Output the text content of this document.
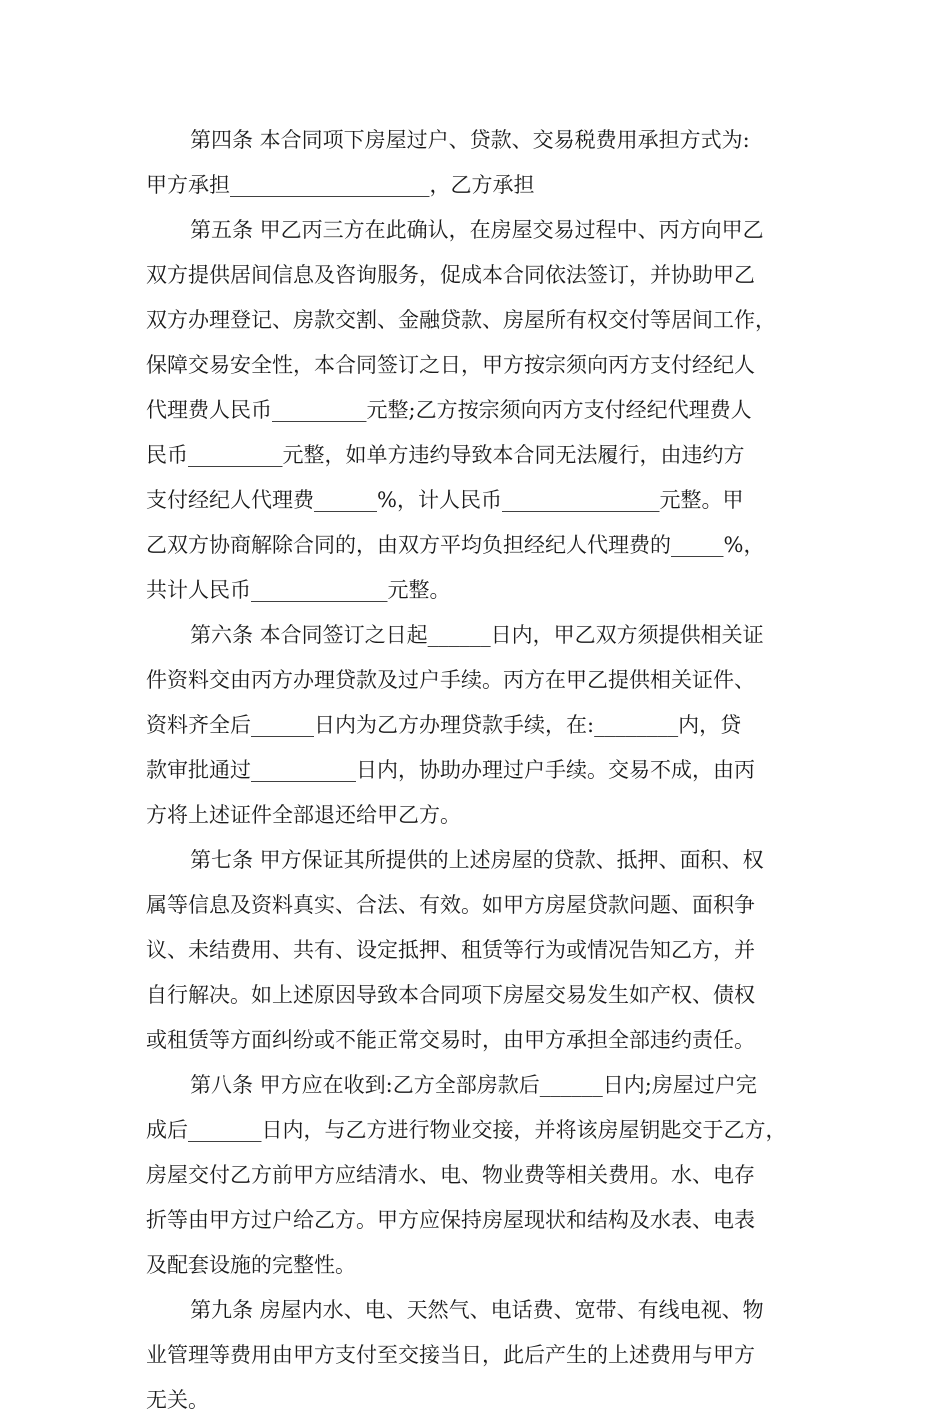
第四条 本合同项下房屋过户、贷款、交易税费用承担方式为:
甲方承担___________________，乙方承担
第五条 甲乙丙三方在此确认，在房屋交易过程中、丙方向甲乙
双方提供居间信息及咨询服务，促成本合同依法签订，并协助甲乙
双方办理登记、房款交割、金融贷款、房屋所有权交付等居间工作，
保障交易安全性，本合同签订之日，甲方按宗须向丙方支付经纪人
代理费人民币_________元整;乙方按宗须向丙方支付经纪代理费人
民币_________元整，如单方违约导致本合同无法履行，由违约方
支付经纪人代理费______%，计人民币_______________元整。甲
乙双方协商解除合同的，由双方平均负担经纪人代理费的_____%，
共计人民币_____________元整。
第六条 本合同签订之日起______日内，甲乙双方须提供相关证
件资料交由丙方办理贷款及过户手续。丙方在甲乙提供相关证件、
资料齐全后______日内为乙方办理贷款手续，在:________内，贷
款审批通过__________日内，协助办理过户手续。交易不成，由丙
方将上述证件全部退还给甲乙方。
第七条 甲方保证其所提供的上述房屋的贷款、抵押、面积、权
属等信息及资料真实、合法、有效。如甲方房屋贷款问题、面积争
议、未结费用、共有、设定抵押、租赁等行为或情况告知乙方，并
自行解决。如上述原因导致本合同项下房屋交易发生如产权、债权
或租赁等方面纠纷或不能正常交易时，由甲方承担全部违约责任。
第八条 甲方应在收到:乙方全部房款后______日内;房屋过户完
成后_______日内，与乙方进行物业交接，并将该房屋钥匙交于乙方，
房屋交付乙方前甲方应结清水、电、物业费等相关费用。水、电存
折等由甲方过户给乙方。甲方应保持房屋现状和结构及水表、电表
及配套设施的完整性。
第九条 房屋内水、电、天然气、电话费、宽带、有线电视、物
业管理等费用由甲方支付至交接当日，此后产生的上述费用与甲方
无关。
